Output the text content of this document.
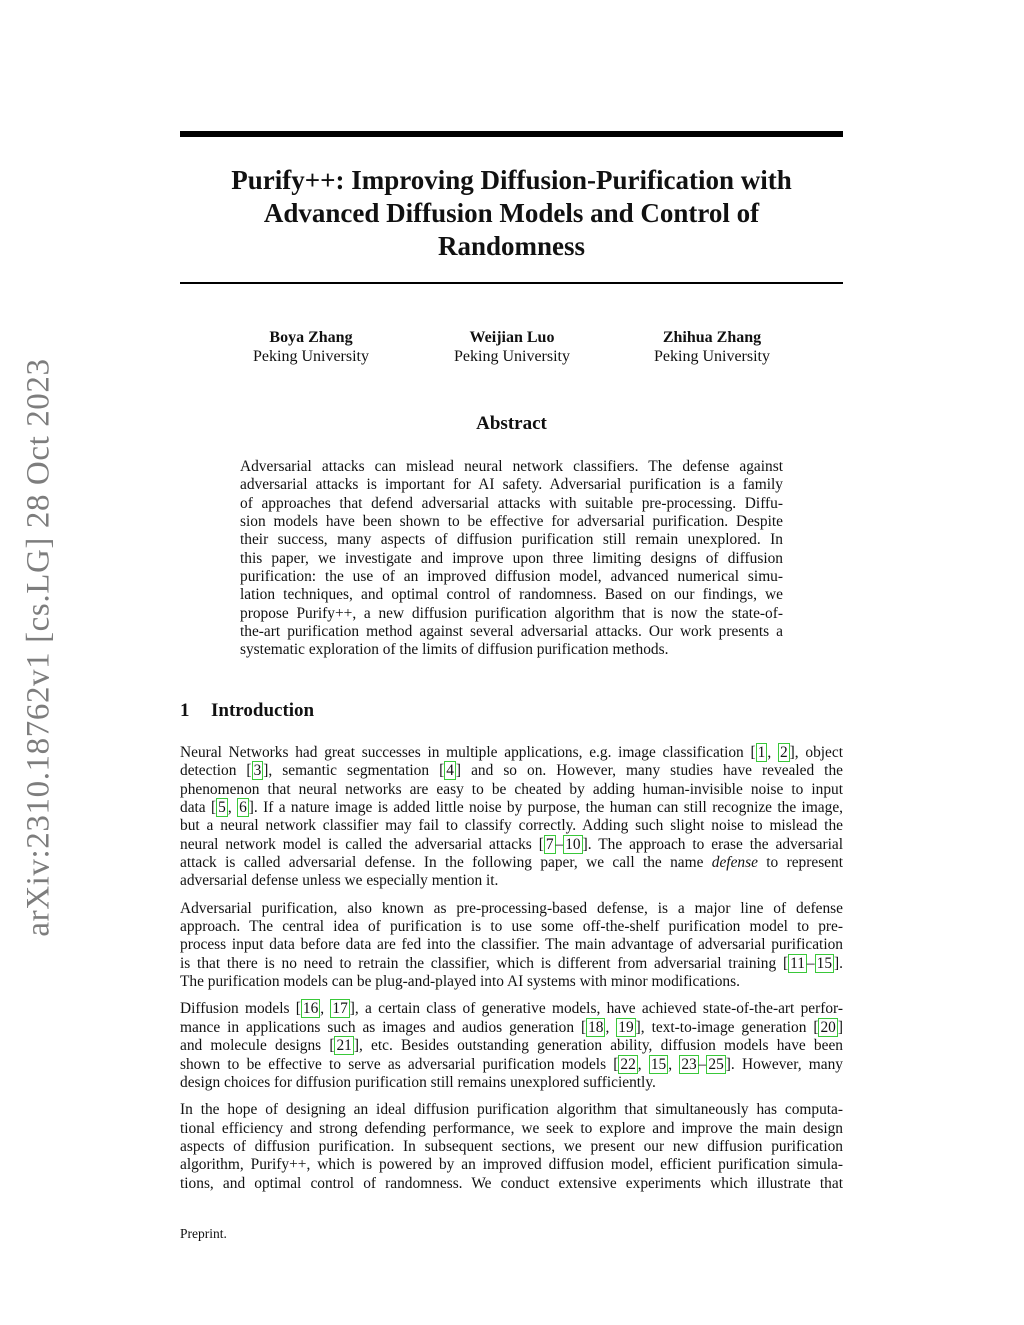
arXiv:2310.18762v1 [cs.LG] 28 Oct 2023
Purify++: Improving Diffusion-Purification with
Advanced Diffusion Models and Control of
Randomness
Boya Zhang
Peking University
Weijian Luo
Peking University
Zhihua Zhang
Peking University
Abstract
Adversarial attacks can mislead neural network classifiers. The defense against
adversarial attacks is important for AI safety. Adversarial purification is a family
of approaches that defend adversarial attacks with suitable pre-processing. Diffu-
sion models have been shown to be effective for adversarial purification. Despite
their success, many aspects of diffusion purification still remain unexplored. In
this paper, we investigate and improve upon three limiting designs of diffusion
purification: the use of an improved diffusion model, advanced numerical simu-
lation techniques, and optimal control of randomness. Based on our findings, we
propose Purify++, a new diffusion purification algorithm that is now the state-of-
the-art purification method against several adversarial attacks. Our work presents a
systematic exploration of the limits of diffusion purification methods.
1 Introduction
Neural Networks had great successes in multiple applications, e.g. image classification [ 1 , 2 ], object
detection [ 3 ], semantic segmentation [ 4 ] and so on. However, many studies have revealed the
phenomenon that neural networks are easy to be cheated by adding human-invisible noise to input
data [ 5 , 6 ]. If a nature image is added little noise by purpose, the human can still recognize the image,
but a neural network classifier may fail to classify correctly. Adding such slight noise to mislead the
neural network model is called the adversarial attacks [ 7 – 10 ]. The approach to erase the adversarial
attack is called adversarial defense. In the following paper, we call the name defense to represent
adversarial defense unless we especially mention it.
Adversarial purification, also known as pre-processing-based defense, is a major line of defense
approach. The central idea of purification is to use some off-the-shelf purification model to pre-
process input data before data are fed into the classifier. The main advantage of adversarial purification
is that there is no need to retrain the classifier, which is different from adversarial training [ 11 – 15 ].
The purification models can be plug-and-played into AI systems with minor modifications.
Diffusion models [ 16 , 17 ], a certain class of generative models, have achieved state-of-the-art perfor-
mance in applications such as images and audios generation [ 18 , 19 ], text-to-image generation [ 20 ]
and molecule designs [ 21 ], etc. Besides outstanding generation ability, diffusion models have been
shown to be effective to serve as adversarial purification models [ 22 , 15 , 23 – 25 ]. However, many
design choices for diffusion purification still remains unexplored sufficiently.
In the hope of designing an ideal diffusion purification algorithm that simultaneously has computa-
tional efficiency and strong defending performance, we seek to explore and improve the main design
aspects of diffusion purification. In subsequent sections, we present our new diffusion purification
algorithm, Purify++, which is powered by an improved diffusion model, efficient purification simula-
tions, and optimal control of randomness. We conduct extensive experiments which illustrate that
Preprint.
